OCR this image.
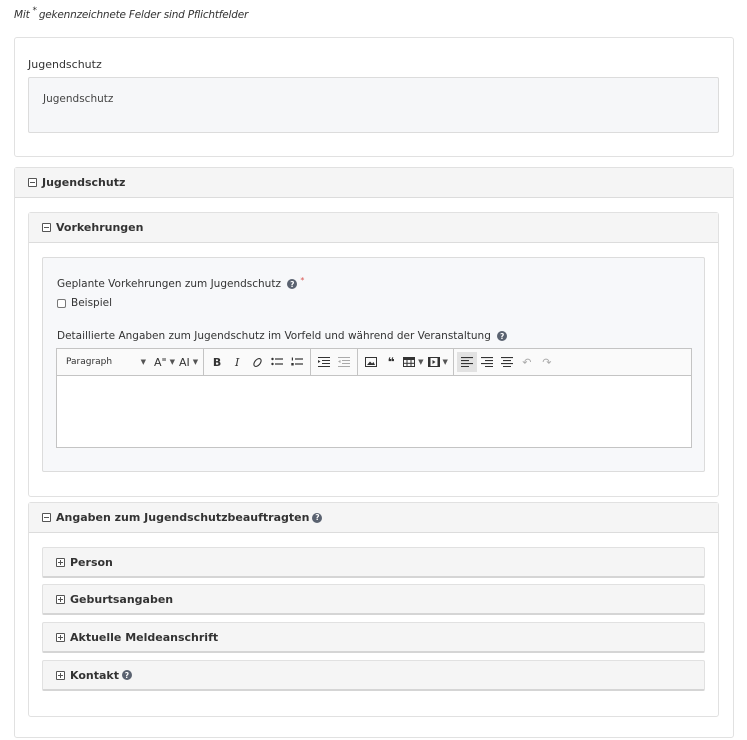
Mit * gekennzeichnete Felder sind Pflichtfelder
Jugendschutz
Jugendschutz
Jugendschutz
Vorkehrungen
Geplante Vorkehrungen zum Jugendschutz ? *
Beispiel
Detaillierte Angaben zum Jugendschutz im Vorfeld und während der Veranstaltung ?
Paragraph	▼ A≡ ▼ AI ▼ B I	❝	▼	▼	↶ ↷
Angaben zum Jugendschutzbeauftragten ?
Person
Geburtsangaben
Aktuelle Meldeanschrift
Kontakt ?
